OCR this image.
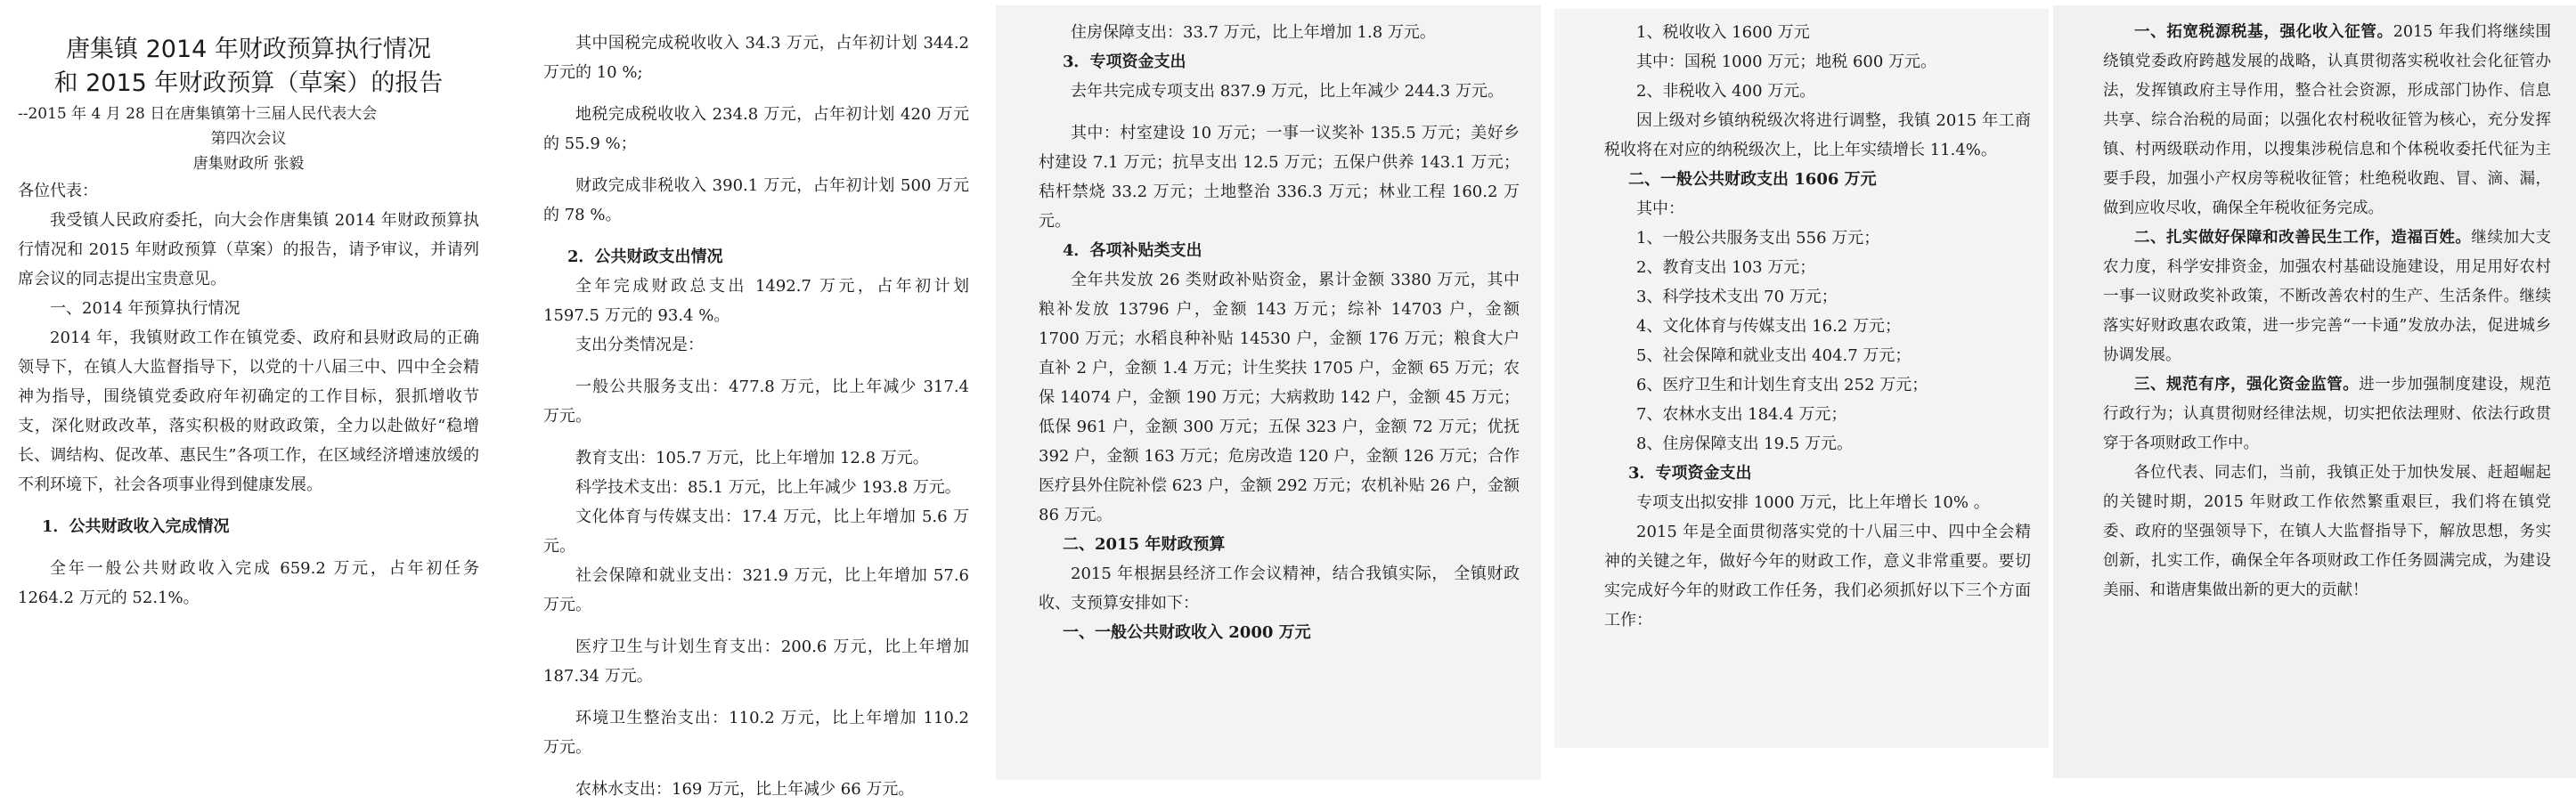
唐集镇 2014 年财政预算执行情况
和 2015 年财政预算（草案）的报告

--2015 年 4 月 28 日在唐集镇第十三届人民代表大会

第四次会议

唐集财政所 张毅

各位代表：

我受镇人民政府委托，向大会作唐集镇 2014 年财政预算执行情况和 2015 年财政预算（草案）的报告，请予审议，并请列席会议的同志提出宝贵意见。

一、2014 年预算执行情况

2014 年，我镇财政工作在镇党委、政府和县财政局的正确领导下，在镇人大监督指导下，以党的十八届三中、四中全会精神为指导，围绕镇党委政府年初确定的工作目标，狠抓增收节支，深化财政改革，落实积极的财政政策，全力以赴做好“稳增长、调结构、促改革、惠民生”各项工作，在区域经济增速放缓的不利环境下，社会各项事业得到健康发展。

1．公共财政收入完成情况

全年一般公共财政收入完成 659.2 万元，占年初任务 1264.2 万元的 52.1%。

其中国税完成税收收入 34.3 万元，占年初计划 344.2 万元的 10 %;

地税完成税收收入 234.8 万元，占年初计划 420 万元的 55.9 %；

财政完成非税收入 390.1 万元，占年初计划 500 万元的 78 %。

2．公共财政支出情况

全年完成财政总支出 1492.7 万元，占年初计划 1597.5 万元的 93.4 %。

支出分类情况是：

一般公共服务支出：477.8 万元，比上年减少 317.4 万元。

教育支出：105.7 万元，比上年增加 12.8 万元。

科学技术支出：85.1 万元，比上年减少 193.8 万元。

文化体育与传媒支出：17.4 万元，比上年增加 5.6 万元。

社会保障和就业支出：321.9 万元，比上年增加 57.6 万元。

医疗卫生与计划生育支出：200.6 万元，比上年增加 187.34 万元。

环境卫生整治支出：110.2 万元，比上年增加 110.2 万元。

农林水支出：169 万元，比上年减少 66 万元。

住房保障支出：33.7 万元，比上年增加 1.8 万元。

3．专项资金支出

去年共完成专项支出 837.9 万元，比上年减少 244.3 万元。

其中：村室建设 10 万元；一事一议奖补 135.5 万元；美好乡村建设 7.1 万元；抗旱支出 12.5 万元；五保户供养 143.1 万元；秸杆禁烧 33.2 万元；土地整治 336.3 万元；林业工程 160.2 万元。

4．各项补贴类支出

全年共发放 26 类财政补贴资金，累计金额 3380 万元，其中粮补发放 13796 户，金额 143 万元；综补 14703 户，金额 1700 万元；水稻良种补贴 14530 户，金额 176 万元；粮食大户直补 2 户，金额 1.4 万元；计生奖扶 1705 户，金额 65 万元；农保 14074 户，金额 190 万元；大病救助 142 户，金额 45 万元；低保 961 户，金额 300 万元；五保 323 户，金额 72 万元；优抚 392 户，金额 163 万元；危房改造 120 户，金额 126 万元；合作医疗县外住院补偿 623 户，金额 292 万元；农机补贴 26 户，金额 86 万元。

二、2015 年财政预算

2015 年根据县经济工作会议精神，结合我镇实际， 全镇财政收、支预算安排如下：

一、一般公共财政收入 2000 万元

1、税收收入 1600 万元

其中：国税 1000 万元；地税 600 万元。

2、非税收入 400 万元。

因上级对乡镇纳税级次将进行调整，我镇 2015 年工商税收将在对应的纳税级次上，比上年实绩增长 11.4%。

二、一般公共财政支出 1606 万元

其中：

1、一般公共服务支出 556 万元；

2、教育支出 103 万元；

3、科学技术支出 70 万元；

4、文化体育与传媒支出 16.2 万元；

5、社会保障和就业支出 404.7 万元；

6、医疗卫生和计划生育支出 252 万元；

7、农林水支出 184.4 万元；

8、住房保障支出 19.5 万元。

3．专项资金支出

专项支出拟安排 1000 万元，比上年增长 10% 。

2015 年是全面贯彻落实党的十八届三中、四中全会精神的关键之年，做好今年的财政工作，意义非常重要。要切实完成好今年的财政工作任务，我们必须抓好以下三个方面工作：

一、拓宽税源税基，强化收入征管。2015 年我们将继续围绕镇党委政府跨越发展的战略，认真贯彻落实税收社会化征管办法，发挥镇政府主导作用，整合社会资源，形成部门协作、信息共享、综合治税的局面；以强化农村税收征管为核心，充分发挥镇、村两级联动作用，以搜集涉税信息和个体税收委托代征为主要手段，加强小产权房等税收征管；杜绝税收跑、冒、滴、漏，做到应收尽收，确保全年税收征务完成。

二、扎实做好保障和改善民生工作，造福百姓。继续加大支农力度，科学安排资金，加强农村基础设施建设，用足用好农村一事一议财政奖补政策，不断改善农村的生产、生活条件。继续落实好财政惠农政策，进一步完善“一卡通”发放办法，促进城乡协调发展。

三、规范有序，强化资金监管。进一步加强制度建设，规范行政行为；认真贯彻财经律法规，切实把依法理财、依法行政贯穿于各项财政工作中。

各位代表、同志们，当前，我镇正处于加快发展、赶超崛起的关键时期，2015 年财政工作依然繁重艰巨，我们将在镇党委、政府的坚强领导下，在镇人大监督指导下，解放思想，务实创新，扎实工作，确保全年各项财政工作任务圆满完成，为建设美丽、和谐唐集做出新的更大的贡献！
